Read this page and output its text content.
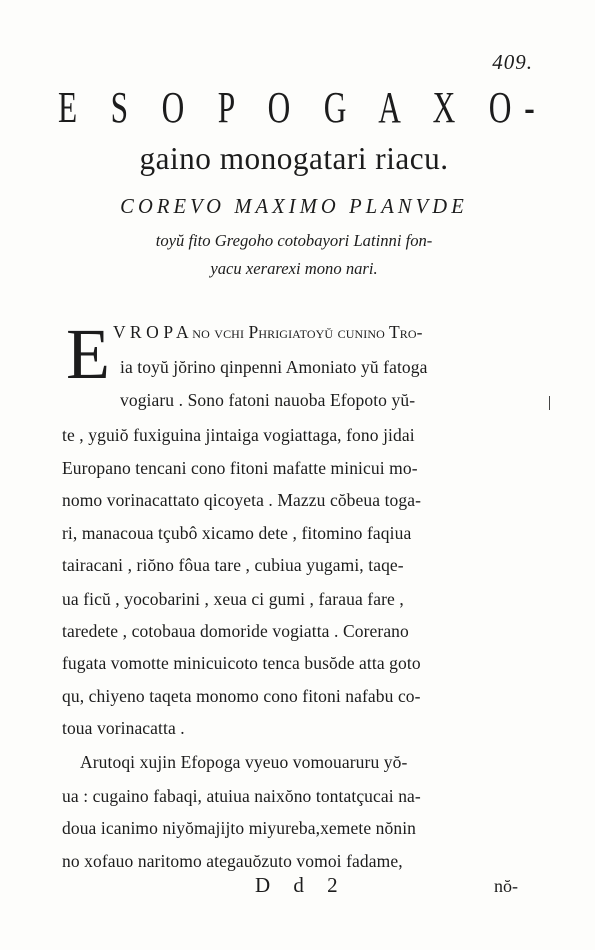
409.
E S O P O G A X O-
gaino monogatari riacu.
COREVO MAXIMO PLANVDE
toyŭ fito Gregoho cotobayori Latinni fon-
yacu xerarexi mono nari.
E V R O P A no vchi Phrigiatoyŭ cunino Tro-
ia toyŭ jŏrino qinpenni Amoniato yŭ fatoga
vogiaru . Sono fatoni nauoba Efopoto yŭ-
te , yguiŏ fuxiguina jintaiga vogiattaga, fono jidai
Europano tencani cono fitoni mafatte minicui mo-
nomo vorinacattato qicoyeta . Mazzu cŏbeua toga-
ri, manacoua tçubô xicamo dete , fitomino faqiua
tairacani , riŏno fôua tare , cubiua yugami, taqe-
ua ficŭ , yocobarini , xeua ci gumi , faraua fare ,
taredete , cotobaua domoride vogiatta . Corerano
fugata vomotte minicuicoto tenca busŏde atta goto
qu, chiyeno taqeta monomo cono fitoni nafabu co-
toua vorinacatta .
Arutoqi xujin Efopoga vyeuo vomouaruru yŏ-
ua : cugaino fabaqi, atuiua naixŏno tontatçucai na-
doua icanimo niyŏmajijto miyureba,xemete nŏnin
no xofauo naritomo ategauŏzuto vomoi fadame,
D d 2	nŏ-
